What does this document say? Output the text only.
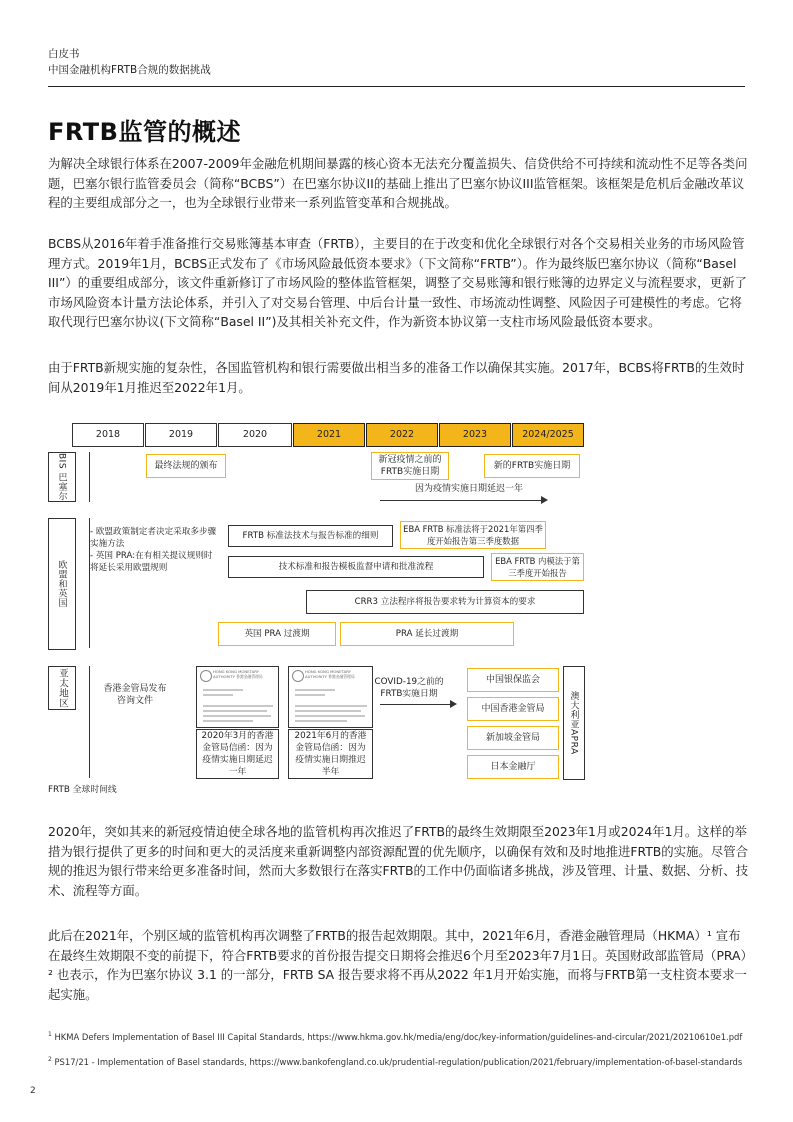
白皮书
中国金融机构FRTB合规的数据挑战
FRTB监管的概述

为解决全球银行体系在2007-2009年金融危机期间暴露的核心资本无法充分覆盖损失、信贷供给不可持续和流动性不足等各类问题，巴塞尔银行监管委员会（简称“BCBS”）在巴塞尔协议II的基础上推出了巴塞尔协议III监管框架。该框架是危机后金融改革议程的主要组成部分之一，也为全球银行业带来一系列监管变革和合规挑战。

BCBS从2016年着手准备推行交易账簿基本审查（FRTB），主要目的在于改变和优化全球银行对各个交易相关业务的市场风险管理方式。2019年1月，BCBS正式发布了《市场风险最低资本要求》（下文简称“FRTB”）。作为最终版巴塞尔协议（简称“Basel III”）的重要组成部分，该文件重新修订了市场风险的整体监管框架，调整了交易账簿和银行账簿的边界定义与流程要求，更新了市场风险资本计量方法论体系，并引入了对交易台管理、中后台计量一致性、市场流动性调整、风险因子可建模性的考虑。它将取代现行巴塞尔协议(下文简称“Basel II”)及其相关补充文件，作为新资本协议第一支柱市场风险最低资本要求。

由于FRTB新规实施的复杂性，各国监管机构和银行需要做出相当多的准备工作以确保其实施。2017年，BCBS将FRTB的生效时间从2019年1月推迟至2022年1月。

2018	2019	2020	2021	2022	2023	2024/2025
BIS 巴塞尔	最终法规的颁布
新冠疫情之前的FRTB实施日期
新的FRTB实施日期
因为疫情实施日期延迟一年
欧盟和英国
- 欧盟政策制定者决定采取多步骤实施方法
- 英国 PRA:在有相关提议规则时将延长采用欧盟规则
FRTB 标准法技术与报告标准的细则
EBA FRTB 标准法将于2021年第四季度开始报告第三季度数据
技术标准和报告模板监督申请和批准流程
EBA FRTB 内模法于第三季度开始报告
CRR3 立法程序将报告要求转为计算资本的要求
英国 PRA 过渡期	PRA 延长过渡期
亚太地区	香港金管局发布咨询文件
HONG KONG MONETARY AUTHORITY 香港金融管理局
2020年3月的香港金管局信函：因为疫情实施日期延迟一年
HONG KONG MONETARY AUTHORITY 香港金融管理局
2021年6月的香港金管局信函：因为疫情实施日期推迟半年
COVID-19之前的FRTB实施日期
中国银保监会
中国香港金管局
新加坡金管局
日本金融厅
澳大利亚APRA
FRTB 全球时间线

2020年，突如其来的新冠疫情迫使全球各地的监管机构再次推迟了FRTB的最终生效期限至2023年1月或2024年1月。这样的举措为银行提供了更多的时间和更大的灵活度来重新调整内部资源配置的优先顺序，以确保有效和及时地推进FRTB的实施。尽管合规的推迟为银行带来给更多准备时间，然而大多数银行在落实FRTB的工作中仍面临诸多挑战，涉及管理、计量、数据、分析、技术、流程等方面。

此后在2021年，个别区域的监管机构再次调整了FRTB的报告起效期限。其中，2021年6月，香港金融管理局（HKMA）¹ 宣布在最终生效期限不变的前提下，符合FRTB要求的首份报告提交日期将会推迟6个月至2023年7月1日。英国财政部监管局（PRA）² 也表示，作为巴塞尔协议 3.1 的一部分，FRTB SA 报告要求将不再从2022 年1月开始实施，而将与FRTB第一支柱资本要求一起实施。

$^1$ HKMA Defers Implementation of Basel III Capital Standards, https://www.hkma.gov.hk/media/eng/doc/key-information/guidelines-and-circular/2021/20210610e1.pdf
$^2$ PS17/21 - Implementation of Basel standards, https://www.bankofengland.co.uk/prudential-regulation/publication/2021/february/implementation-of-basel-standards
2
